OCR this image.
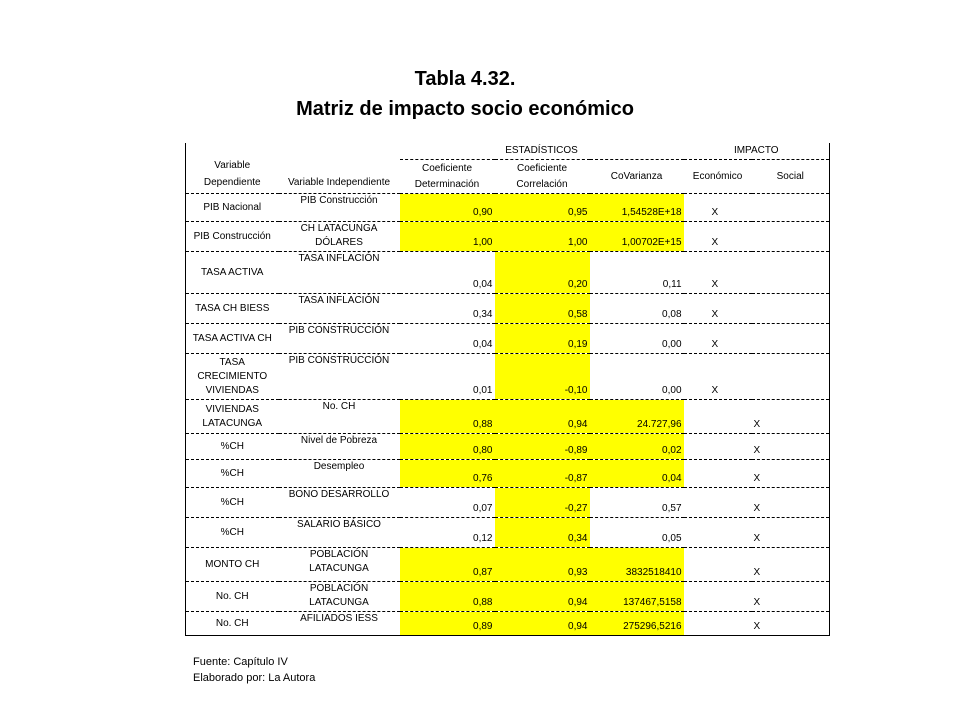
Tabla 4.32.
Matriz de impacto socio económico
Variable Dependiente	Variable Independiente	ESTADÍSTICOS			IMPACTO	
		Coeficiente Determinación	Coeficiente Correlación	CoVarianza	Económico	Social
PIB Nacional	PIB Construcción	0,90	0,95	1,54528E+18	X	
PIB Construcción	CH LATACUNGA DÓLARES	1,00	1,00	1,00702E+15	X	
TASA ACTIVA	TASA INFLACIÓN	0,04	0,20	0,11	X	
TASA CH BIESS	TASA INFLACIÓN	0,34	0,58	0,08	X	
TASA ACTIVA CH	PIB CONSTRUCCIÓN	0,04	0,19	0,00	X	
TASA CRECIMIENTO VIVIENDAS	PIB CONSTRUCCIÓN	0,01	-0,10	0,00	X	
VIVIENDAS LATACUNGA	No. CH	0,88	0,94	24.727,96		X
%CH	Nivel de Pobreza	0,80	-0,89	0,02		X
%CH	Desempleo	0,76	-0,87	0,04		X
%CH	BONO DESARROLLO	0,07	-0,27	0,57		X
%CH	SALARIO BÁSICO	0,12	0,34	0,05		X
MONTO CH	POBLACIÓN LATACUNGA	0,87	0,93	3832518410		X
No. CH	POBLACIÓN LATACUNGA	0,88	0,94	137467,5158		X
No. CH	AFILIADOS IESS	0,89	0,94	275296,5216		X
Fuente: Capítulo IV
Elaborado por: La Autora
